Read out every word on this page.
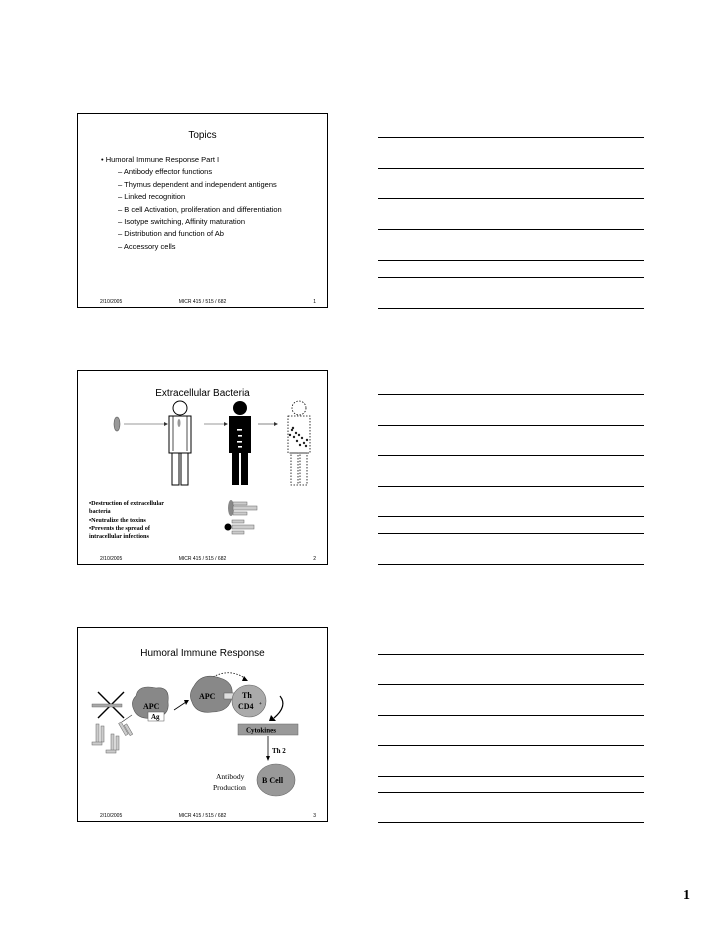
Topics
• Humoral Immune Response Part I
– Antibody effector functions
– Thymus dependent and independent antigens
– Linked recognition
– B cell Activation, proliferation and differentiation
– Isotype switching, Affinity maturation
– Distribution and function of Ab
– Accessory cells
2/10/2005	MICR 415 / 515 / 682	1
Extracellular Bacteria
•Destruction of extracellular
bacteria
•Neutralize the toxins
•Prevents the spread of
intracellular infections
2/10/2005	MICR 415 / 515 / 682	2
Humoral Immune Response
APC
Ag
APC	Th
CD4 +
Cytokines
Th 2
B Cell
Antibody
Production
2/10/2005	MICR 415 / 515 / 682	3
1
